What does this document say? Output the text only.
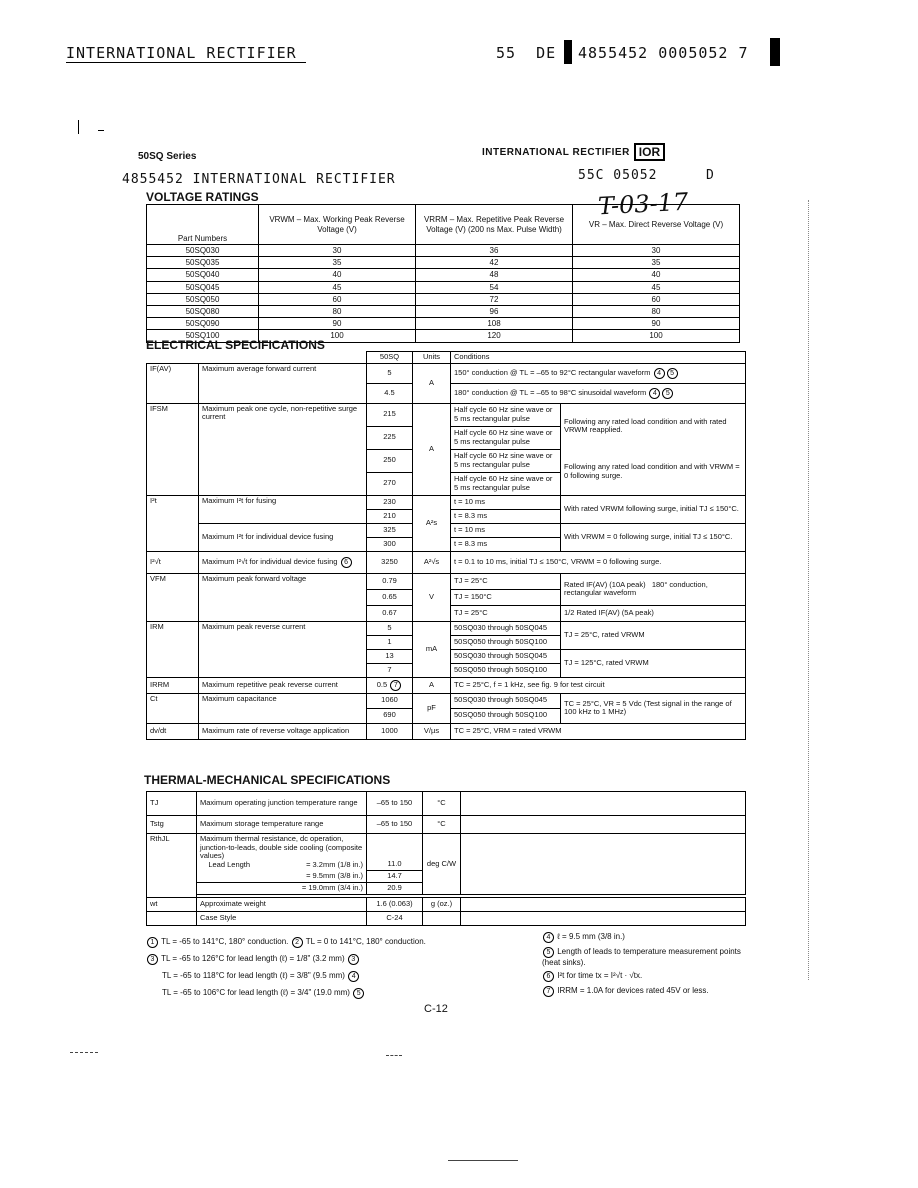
INTERNATIONAL RECTIFIER	55  DE 4855452 0005052 7
50SQ Series	INTERNATIONAL RECTIFIER IOR
4855452 INTERNATIONAL RECTIFIER	55C 05052	D
T-03-17
VOLTAGE RATINGS
Part Numbers	VRWM – Max. Working Peak Reverse Voltage (V)	VRRM – Max. Repetitive Peak Reverse Voltage (V) (200 ns Max. Pulse Width)	VR – Max. Direct Reverse Voltage (V)
50SQ030	30	36	30
50SQ035	35	42	35
50SQ040	40	48	40
50SQ045	45	54	45
50SQ050	60	72	60
50SQ080	80	96	80
50SQ090	90	108	90
50SQ100	100	120	100
ELECTRICAL SPECIFICATIONS
		50SQ	Units	Conditions	
IF(AV)	Maximum average forward current	5	A	150° conduction @ TL = –65 to 92°C rectangular waveform 4 5	
		4.5		180° conduction @ TL = –65 to 98°C sinusoidal waveform 4 5	
IFSM	Maximum peak one cycle, non-repetitive surge current	215	A	Half cycle 60 Hz sine wave or 5 ms rectangular pulse	Following any rated load condition and with rated VRWM reapplied.
		225		Half cycle 60 Hz sine wave or 5 ms rectangular pulse	
		250		Half cycle 60 Hz sine wave or 5 ms rectangular pulse	Following any rated load condition and with VRWM = 0 following surge.
		270		Half cycle 60 Hz sine wave or 5 ms rectangular pulse	
I²t	Maximum I²t for fusing	230	A²s	t = 10 ms	With rated VRWM following surge, initial TJ ≤ 150°C.
		210		t = 8.3 ms	
	Maximum I²t for individual device fusing	325		t = 10 ms	With VRWM = 0 following surge, initial TJ ≤ 150°C.
		300		t = 8.3 ms	
I²√t	Maximum I²√t for individual device fusing 6	3250	A²√s	t = 0.1 to 10 ms, initial TJ ≤ 150°C, VRWM = 0 following surge.	
VFM	Maximum peak forward voltage	0.79	V	TJ = 25°C	Rated IF(AV) (10A peak) 180° conduction, rectangular waveform
		0.65		TJ = 150°C	
		0.67		TJ = 25°C	1/2 Rated IF(AV) (5A peak)
IRM	Maximum peak reverse current	5	mA	50SQ030 through 50SQ045	TJ = 25°C, rated VRWM
		1		50SQ050 through 50SQ100	
		13		50SQ030 through 50SQ045	TJ = 125°C, rated VRWM
		7		50SQ050 through 50SQ100	
IRRM	Maximum repetitive peak reverse current	0.5 7	A	TC = 25°C, f = 1 kHz, see fig. 9 for test circuit	
Ct	Maximum capacitance	1060	pF	50SQ030 through 50SQ045	TC = 25°C, VR = 5 Vdc (Test signal in the range of 100 kHz to 1 MHz)
		690		50SQ050 through 50SQ100	
dv/dt	Maximum rate of reverse voltage application	1000	V/µs	TC = 25°C, VRM = rated VRWM	
THERMAL-MECHANICAL SPECIFICATIONS
TJ	Maximum operating junction temperature range	–65 to 150	°C	
Tstg	Maximum storage temperature range	–65 to 150	°C	
RthJL	Maximum thermal resistance, dc operation, junction-to-leads, double side cooling (composite values)
Lead Length = 3.2mm (1/8 in.)	11.0	deg C/W	
	= 9.5mm (3/8 in.)	14.7		
	= 19.0mm (3/4 in.)	20.9		

wt	Approximate weight	1.6 (0.063)	g (oz.)	
	Case Style	C-24		
1 TL = -65 to 141°C, 180° conduction. 2 TL = 0 to 141°C, 180° conduction.
3 TL = -65 to 126°C for lead length (ℓ) = 1/8" (3.2 mm) 3
TL = -65 to 118°C for lead length (ℓ) = 3/8" (9.5 mm) 4
TL = -65 to 106°C for lead length (ℓ) = 3/4" (19.0 mm) 5
4 ℓ = 9.5 mm (3/8 in.)
5 Length of leads to temperature measurement points (heat sinks).
6 I²t for time tx = I²√t · √tx.
7 IRRM = 1.0A for devices rated 45V or less.
C-12
